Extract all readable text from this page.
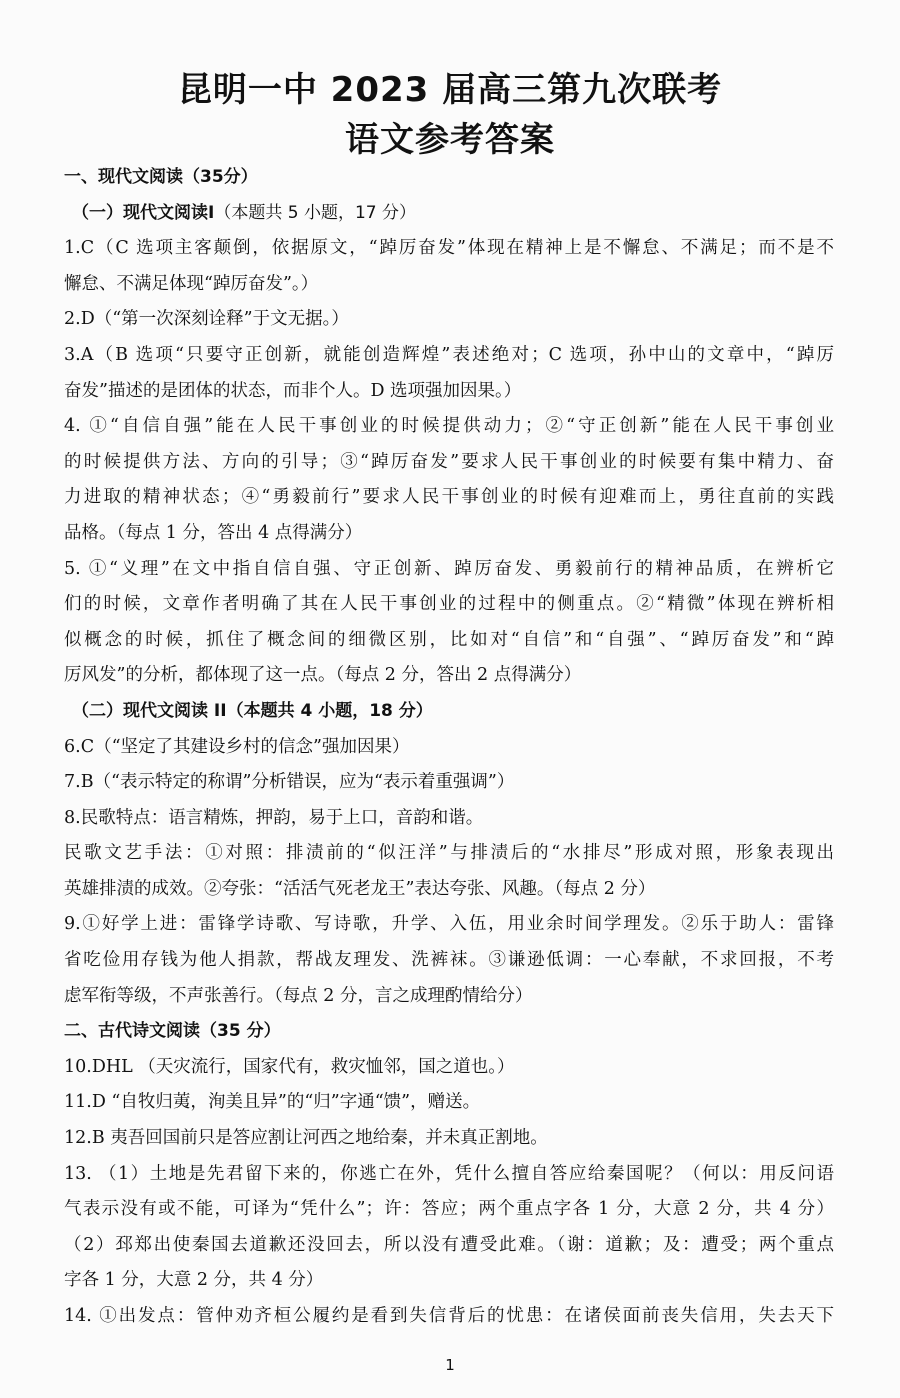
昆明一中 2023 届高三第九次联考
语文参考答案
一、现代文阅读（35分）
（一）现代文阅读Ⅰ（本题共 5 小题，17 分）
1.C（C 选项主客颠倒，依据原文，“踔厉奋发”体现在精神上是不懈怠、不满足；而不是不
懈怠、不满足体现“踔厉奋发”。）
2.D（“第一次深刻诠释”于文无据。）
3.A（B 选项“只要守正创新，就能创造辉煌”表述绝对；C 选项，孙中山的文章中，“踔厉
奋发”描述的是团体的状态，而非个人。D 选项强加因果。）
4. ①“自信自强”能在人民干事创业的时候提供动力；②“守正创新”能在人民干事创业
的时候提供方法、方向的引导；③“踔厉奋发”要求人民干事创业的时候要有集中精力、奋
力进取的精神状态；④“勇毅前行”要求人民干事创业的时候有迎难而上，勇往直前的实践
品格。（每点 1 分，答出 4 点得满分）
5. ①“义理”在文中指自信自强、守正创新、踔厉奋发、勇毅前行的精神品质，在辨析它
们的时候，文章作者明确了其在人民干事创业的过程中的侧重点。②“精微”体现在辨析相
似概念的时候，抓住了概念间的细微区别，比如对“自信”和“自强”、“踔厉奋发”和“踔
厉风发”的分析，都体现了这一点。（每点 2 分，答出 2 点得满分）
（二）现代文阅读 II（本题共 4 小题，18 分）
6.C（“坚定了其建设乡村的信念”强加因果）
7.B（“表示特定的称谓”分析错误，应为“表示着重强调”）
8.民歌特点：语言精炼，押韵，易于上口，音韵和谐。
民歌文艺手法：①对照：排渍前的“似汪洋”与排渍后的“水排尽”形成对照，形象表现出
英雄排渍的成效。②夸张：“活活气死老龙王”表达夸张、风趣。（每点 2 分）
9.①好学上进：雷锋学诗歌、写诗歌，升学、入伍，用业余时间学理发。②乐于助人：雷锋
省吃俭用存钱为他人捐款，帮战友理发、洗裤袜。③谦逊低调：一心奉献，不求回报，不考
虑军衔等级，不声张善行。（每点 2 分，言之成理酌情给分）
二、古代诗文阅读（35 分）
10.DHL （天灾流行，国家代有，救灾恤邻，国之道也。）
11.D “自牧归荑，洵美且异”的“归”字通“馈”，赠送。
12.B 夷吾回国前只是答应割让河西之地给秦，并未真正割地。
13. （1）土地是先君留下来的，你逃亡在外，凭什么擅自答应给秦国呢？（何以：用反问语
气表示没有或不能，可译为“凭什么”；许：答应；两个重点字各 1 分，大意 2 分，共 4 分）
（2）邳郑出使秦国去道歉还没回去，所以没有遭受此难。（谢：道歉；及：遭受；两个重点
字各 1 分，大意 2 分，共 4 分）
14. ①出发点：管仲劝齐桓公履约是看到失信背后的忧患：在诸侯面前丧失信用，失去天下
1
